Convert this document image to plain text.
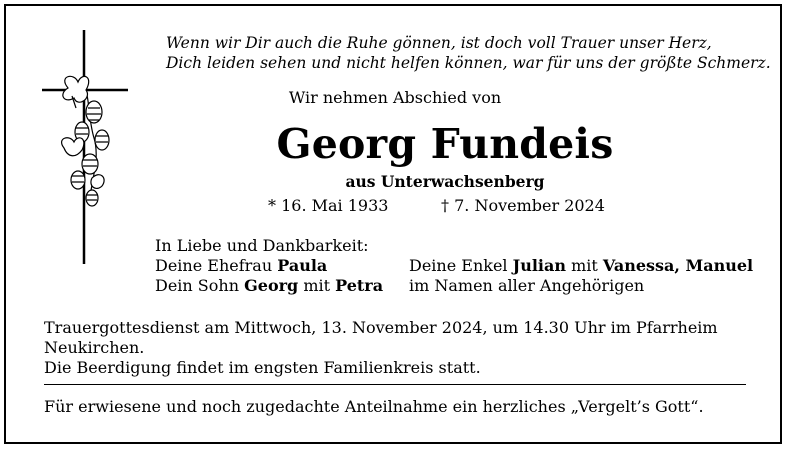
Wenn wir Dir auch die Ruhe gönnen, ist doch voll Trauer unser Herz,
Dich leiden sehen und nicht helfen können, war für uns der größte Schmerz.
Wir nehmen Abschied von
Georg Fundeis
aus Unterwachsenberg
* 16. Mai 1933	† 7. November 2024
In Liebe und Dankbarkeit:
Deine Ehefrau Paula
Dein Sohn Georg mit Petra
Deine Enkel Julian mit Vanessa, Manuel
im Namen aller Angehörigen
Trauergottesdienst am Mittwoch, 13. November 2024, um 14.30 Uhr im Pfarrheim Neukirchen.
Die Beerdigung findet im engsten Familienkreis statt.
Für erwiesene und noch zugedachte Anteilnahme ein herzliches „Vergelt’s Gott“.
